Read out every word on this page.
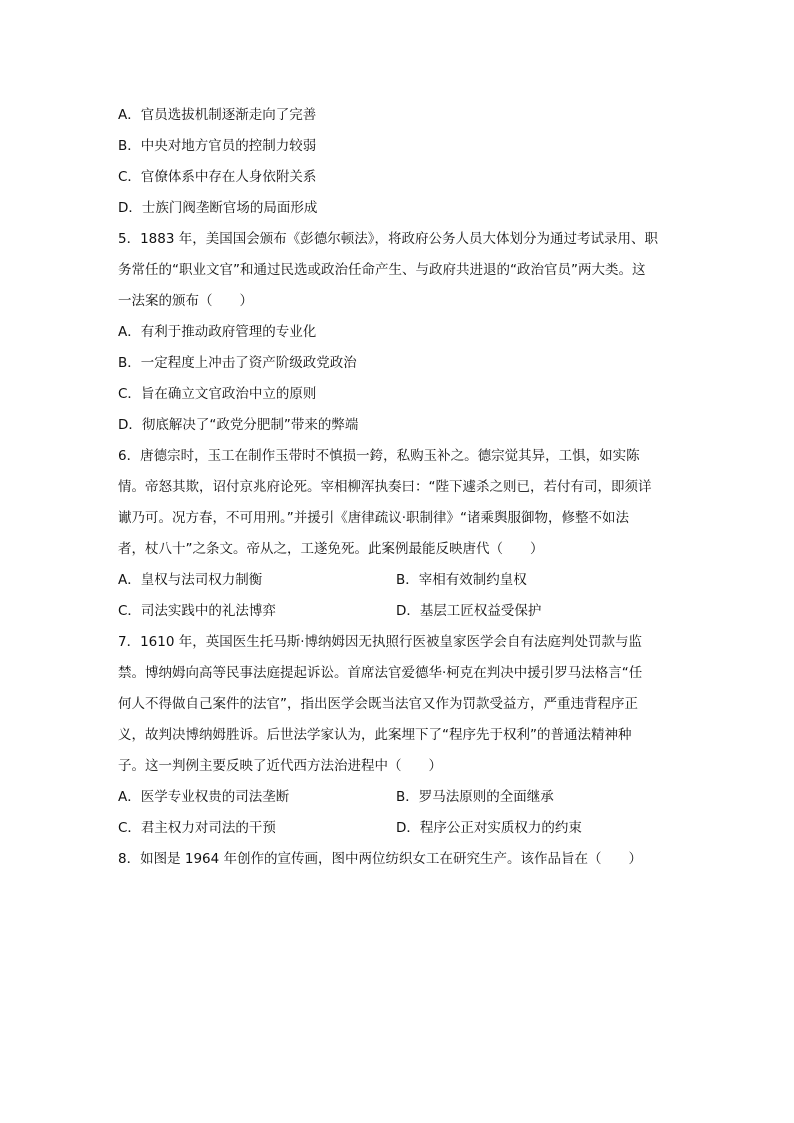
A．官员选拔机制逐渐走向了完善
B．中央对地方官员的控制力较弱
C．官僚体系中存在人身依附关系
D．士族门阀垄断官场的局面形成
5．1883 年，美国国会颁布《彭德尔顿法》，将政府公务人员大体划分为通过考试录用、职
务常任的“职业文官”和通过民选或政治任命产生、与政府共进退的“政治官员”两大类。这
一法案的颁布（　　）
A．有利于推动政府管理的专业化
B．一定程度上冲击了资产阶级政党政治
C．旨在确立文官政治中立的原则
D．彻底解决了“政党分肥制”带来的弊端
6．唐德宗时，玉工在制作玉带时不慎损一銙，私购玉补之。德宗觉其异，工惧，如实陈
情。帝怒其欺，诏付京兆府论死。宰相柳浑执奏曰：“陛下遽杀之则已，若付有司，即须详
谳乃可。况方春，不可用刑。”并援引《唐律疏议·职制律》“诸乘舆服御物，修整不如法
者，杖八十”之条文。帝从之，工遂免死。此案例最能反映唐代（　　）
A．皇权与法司权力制衡	B．宰相有效制约皇权
C．司法实践中的礼法博弈	D．基层工匠权益受保护
7．1610 年，英国医生托马斯·博纳姆因无执照行医被皇家医学会自有法庭判处罚款与监
禁。博纳姆向高等民事法庭提起诉讼。首席法官爱德华·柯克在判决中援引罗马法格言“任
何人不得做自己案件的法官”，指出医学会既当法官又作为罚款受益方，严重违背程序正
义，故判决博纳姆胜诉。后世法学家认为，此案埋下了“程序先于权利”的普通法精神种
子。这一判例主要反映了近代西方法治进程中（　　）
A．医学专业权贵的司法垄断	B．罗马法原则的全面继承
C．君主权力对司法的干预	D．程序公正对实质权力的约束
8．如图是 1964 年创作的宣传画，图中两位纺织女工在研究生产。该作品旨在（　　）
